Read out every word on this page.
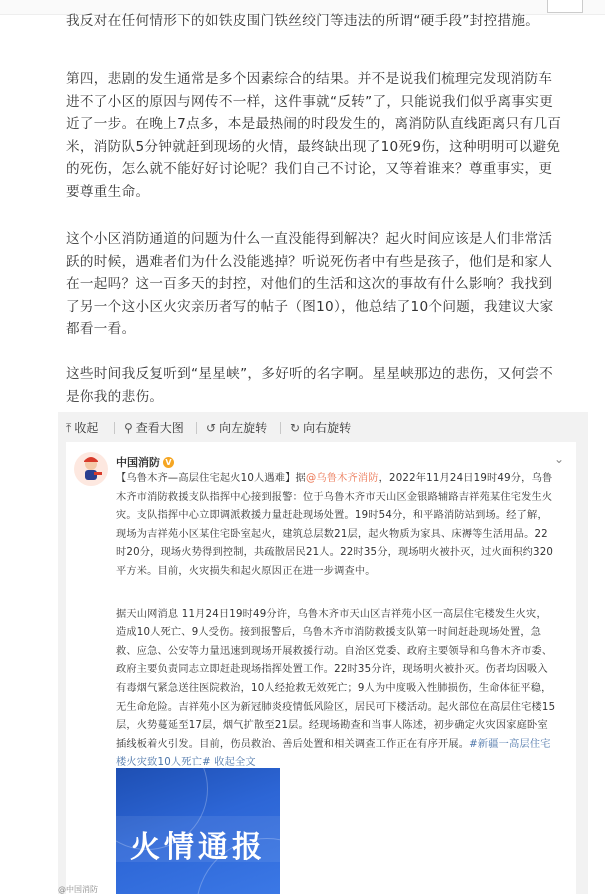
我反对在任何情形下的如铁皮围门铁丝绞门等违法的所谓“硬手段”封控措施。

第四，悲剧的发生通常是多个因素综合的结果。并不是说我们梳理完发现消防车进不了小区的原因与网传不一样，这件事就“反转”了，只能说我们似乎离事实更近了一步。在晚上7点多，本是最热闹的时段发生的，离消防队直线距离只有几百米，消防队5分钟就赶到现场的火情，最终缺出现了10死9伤，这种明明可以避免的死伤，怎么就不能好好讨论呢？我们自己不讨论，又等着谁来？尊重事实，更要尊重生命。

这个小区消防通道的问题为什么一直没能得到解决？起火时间应该是人们非常活跃的时候，遇难者们为什么没能逃掉？听说死伤者中有些是孩子，他们是和家人在一起吗？这一百多天的封控，对他们的生活和这次的事故有什么影响？我找到了另一个这小区火灾亲历者写的帖子（图10），他总结了10个问题，我建议大家都看一看。

这些时间我反复听到“星星峡”，多好听的名字啊。星星峡那边的悲伤，又何尝不是你我的悲伤。

⤒ 收起 ⚲ 查看大图 ↺ 向左旋转 ↻ 向右旋转
中国消防 V	⌄

【乌鲁木齐—高层住宅起火10人遇难】据@乌鲁木齐消防，2022年11月24日19时49分，乌鲁木齐市消防救援支队指挥中心接到报警：位于乌鲁木齐市天山区金银路辅路吉祥苑某住宅发生火灾。支队指挥中心立即调派救援力量赶赴现场处置。19时54分，和平路消防站到场。经了解，现场为吉祥苑小区某住宅卧室起火，建筑总层数21层，起火物质为家具、床褥等生活用品。22时20分，现场火势得到控制，共疏散居民21人。22时35分，现场明火被扑灭，过火面积约320平方米。目前，火灾损失和起火原因正在进一步调查中。

据天山网消息 11月24日19时49分许，乌鲁木齐市天山区吉祥苑小区一高层住宅楼发生火灾，造成10人死亡、9人受伤。接到报警后，乌鲁木齐市消防救援支队第一时间赶赴现场处置，急救、应急、公安等力量迅速到现场开展救援行动。自治区党委、政府主要领导和乌鲁木齐市委、政府主要负责同志立即赶赴现场指挥处置工作。22时35分许，现场明火被扑灭。伤者均因吸入有毒烟气紧急送往医院救治，10人经抢救无效死亡；9人为中度吸入性肺损伤，生命体征平稳，无生命危险。吉祥苑小区为新冠肺炎疫情低风险区，居民可下楼活动。起火部位在高层住宅楼15层，火势蔓延至17层，烟气扩散至21层。经现场勘查和当事人陈述，初步确定火灾因家庭卧室插线板着火引发。目前，伤员救治、善后处置和相关调查工作正在有序开展。#新疆一高层住宅楼火灾致10人死亡# 收起全文

火情通报
@中国消防
